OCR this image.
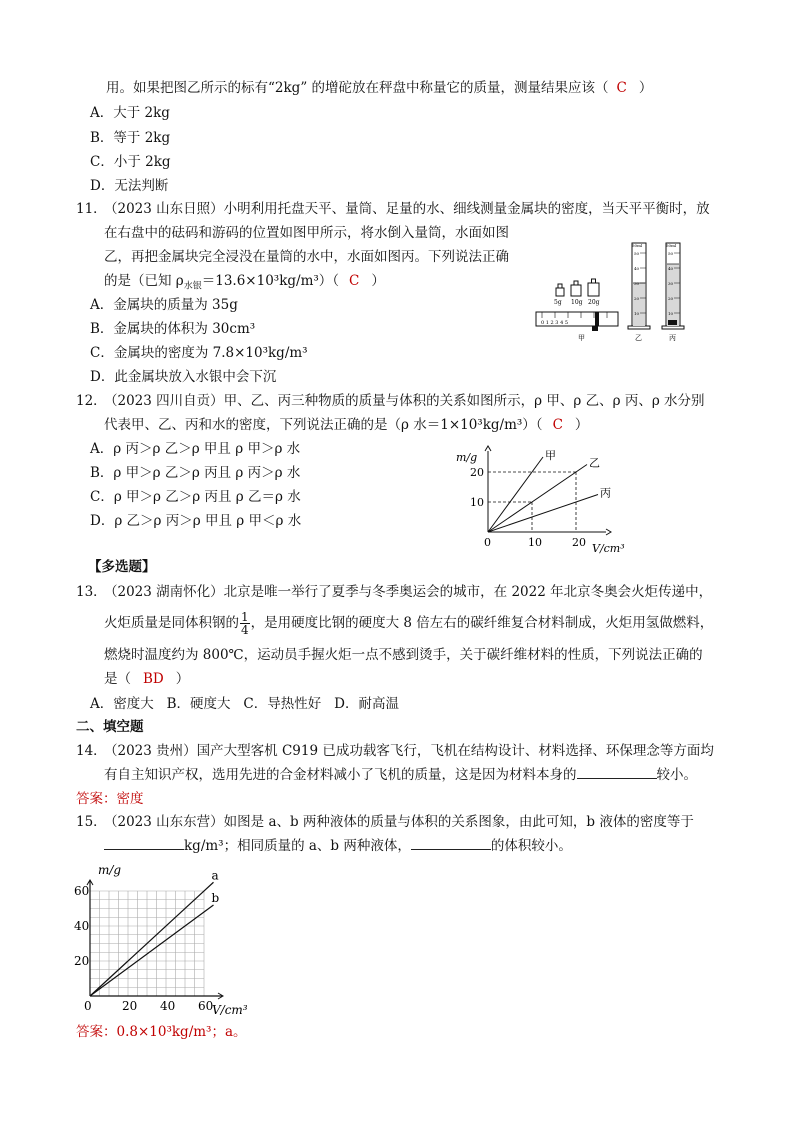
用。如果把图乙所示的标有“2kg” 的增砣放在秤盘中称量它的质量，测量结果应该（ C ）
A．大于 2kg
B．等于 2kg
C．小于 2kg
D．无法判断
11．
（2023 山东日照）小明利用托盘天平、量筒、足量的水、细线测量金属块的密度，当天平平衡时，放
在右盘中的砝码和游码的位置如图甲所示，将水倒入量筒，水面如图
乙，再把金属块完全浸没在量筒的水中，水面如图丙。下列说法正确
的是（已知 $\rho_{水银}=13.6\times 10^3kg/m^3$）（ C ）
A．金属块的质量为 35g
B．金属块的体积为 30cm³
C．金属块的密度为 7.8×10³kg/m³
D．此金属块放入水银中会下沉
5g 10g 20g
0 1 2 3 4 5
甲
50ml
乙
50ml
丙
50
40
30
20
10
50
40
30
20
10
12．
（2023 四川自贡）甲、乙、丙三种物质的质量与体积的关系如图所示，ρ 甲、ρ 乙、ρ 丙、ρ 水分别
代表甲、乙、丙和水的密度，下列说法正确的是（ρ 水＝1×10³kg/m³）（ C ）
A．ρ 丙＞ρ 乙＞ρ 甲且 ρ 甲＞ρ 水
B．ρ 甲＞ρ 乙＞ρ 丙且 ρ 丙＞ρ 水
C．ρ 甲＞ρ 乙＞ρ 丙且 ρ 乙＝ρ 水
D．ρ 乙＞ρ 丙＞ρ 甲且 ρ 甲＜ρ 水
0	10	20
10
20
甲
乙
丙
m/g
V/cm³
【多选题】
13．
（2023 湖南怀化）北京是唯一举行了夏季与冬季奥运会的城市，在 2022 年北京冬奥会火炬传递中，
火炬质量是同体积钢的 $\frac{1}{4}$ ，是用硬度比钢的硬度大 8 倍左右的碳纤维复合材料制成，火炬用氢做燃料，
燃烧时温度约为 800℃，运动员手握火炬一点不感到烫手，关于碳纤维材料的性质，下列说法正确的
是（ BD ）
A．密度大   B．硬度大   C．导热性好   D．耐高温
二、填空题
14．
（2023 贵州）国产大型客机 C919 已成功载客飞行，飞机在结构设计、材料选择、环保理念等方面均
有自主知识产权，选用先进的合金材料减小了飞机的质量，这是因为材料本身的	较小。
答案：密度
15．
（2023 山东东营）如图是 a、b 两种液体的质量与体积的关系图象，由此可知，b 液体的密度等于
kg/m³；相同质量的 a、b 两种液体，	的体积较小。
0	20 40 60
20
40
60
a
b
m/g
V/cm³
答案：0.8×10³kg/m³；a。
